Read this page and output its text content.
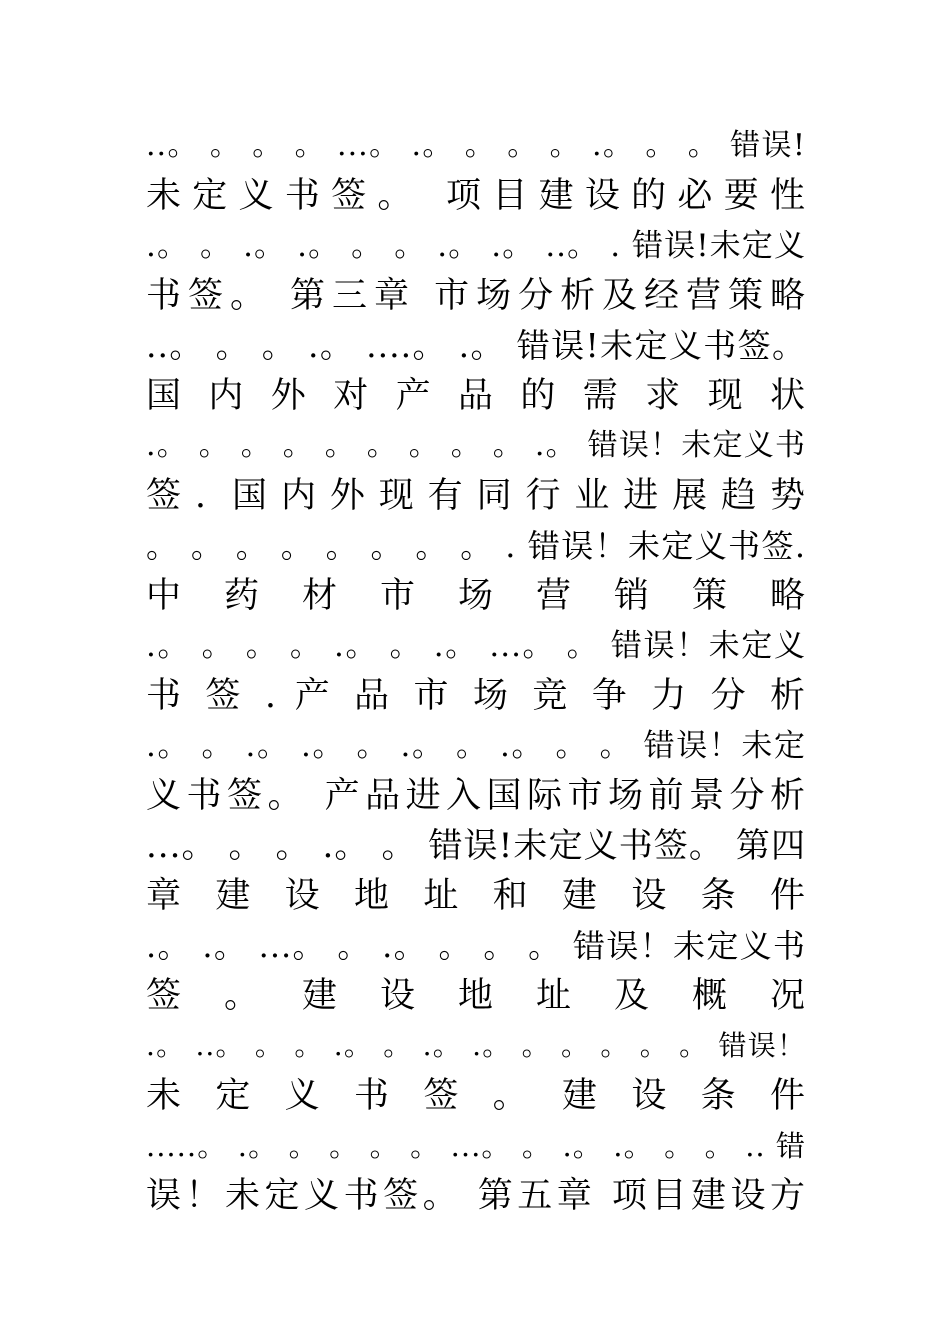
..。 。 。 。 ...。 .。 。 。 。 .。 。 。 错误!
未定义书签。 项目建设的必要性
.。 。 .。 .。 。 。 .。 .。 ..。 . 错误!未定义
书签。 第三章 市场分析及经营策略
..。 。 。 .。 ....。 .。 错误!未定义书签。
国 内 外 对 产 品 的 需 求 现 状
.。 。 。 。 。 。 。 。 。 .。 错误！未定义书
签. 国内外现有同行业进展趋势
。 。 。 。 。 。 。 。 . 错误！未定义书签.
中 药 材 市 场 营 销 策 略
.。 。 。 。 .。 。 .。 ...。 。 错误！未定义
书 签 . 产 品 市 场 竞 争 力 分 析
.。 。 .。 .。 。 .。 。 .。 。 。 错误！未定
义书签。 产品进入国际市场前景分析
...。 。 。 .。 。 错误!未定义书签。 第四
章 建 设 地 址 和 建 设 条 件
.。 .。 ...。 。 .。 。 。 。 错误！未定义书
签 。 建 设 地 址 及 概 况
.。 ..。 。 。 .。 。 .。 .。 。 。 。 。 。 错误！
未 定 义 书 签 。 建 设 条 件
.....。 .。 。 。 。 。 ...。 。 .。 .。 。 。 .. 错
误！未定义书签。 第五章 项目建设方
